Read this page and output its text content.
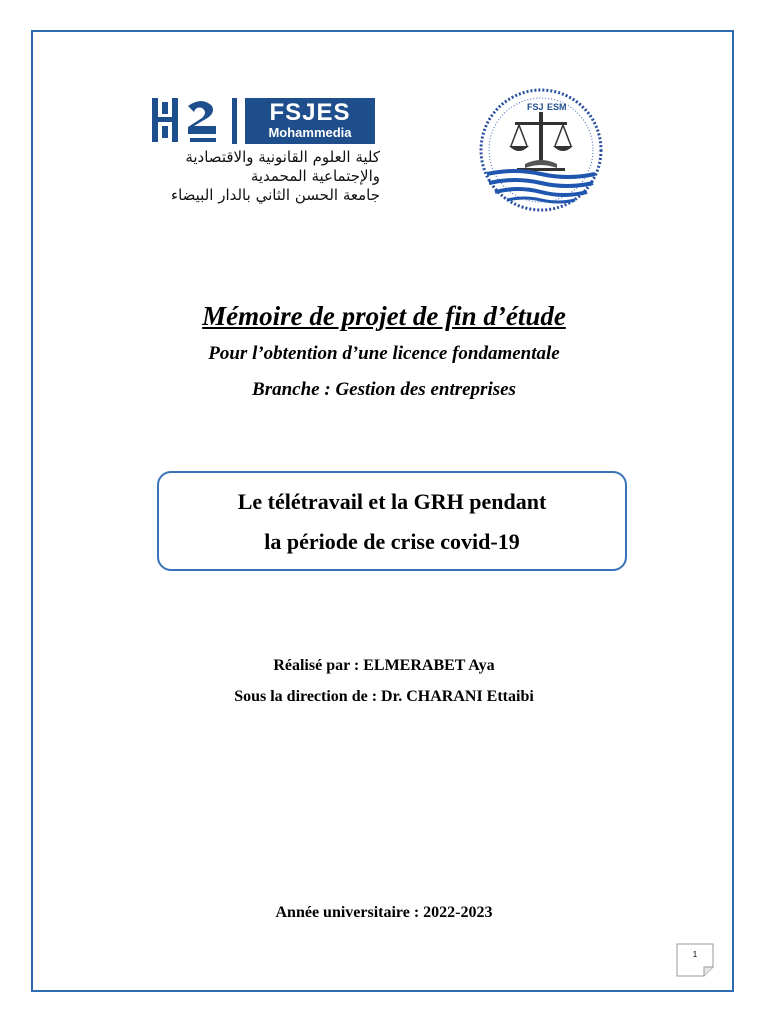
FSJES
Mohammedia
كلية العلوم القانونية والاقتصادية
والإجتماعية المحمدية
جامعة الحسن الثاني بالدار البيضاء
FSJ ESM
Mémoire de projet de fin d’étude
Pour l’obtention d’une licence fondamentale
Branche : Gestion des entreprises
Le télétravail et la GRH pendant
la période de crise covid-19
Réalisé par : ELMERABET Aya
Sous la direction de : Dr. CHARANI Ettaibi
Année universitaire : 2022-2023
1
